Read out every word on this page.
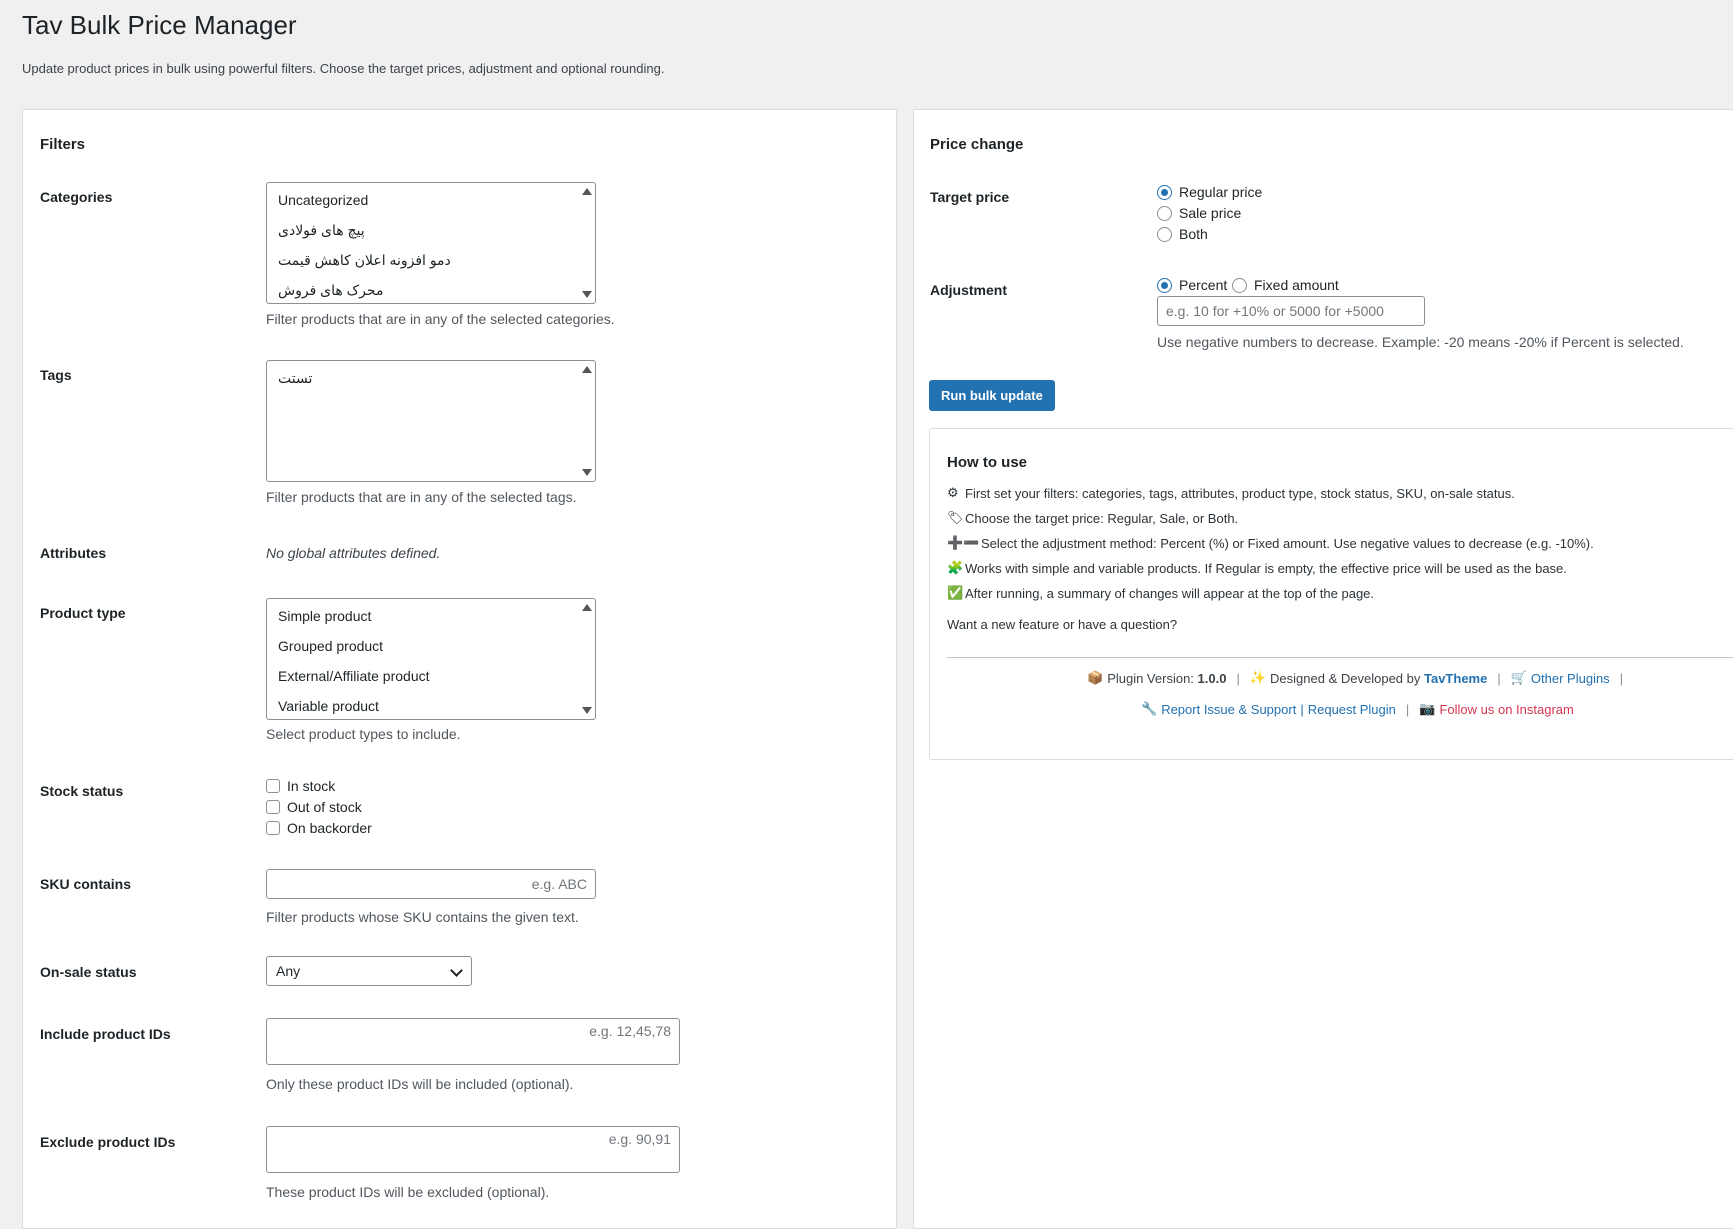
Tav Bulk Price Manager

Update product prices in bulk using powerful filters. Choose the target prices, adjustment and optional rounding.

Filters
Categories	Uncategorized
پیچ های فولادی
دمو افزونه اعلان کاهش قیمت
محرک های فروش
Filter products that are in any of the selected categories.
Tags	تستت
Filter products that are in any of the selected tags.
Attributes	No global attributes defined.
Product type	Simple product
Grouped product
External/Affiliate product
Variable product
Select product types to include.
Stock status	In stock
Out of stock
On backorder
SKU contains
e.g. ABC
Filter products whose SKU contains the given text.
On-sale status	Any
Include product IDs
e.g. 12,45,78
Only these product IDs will be included (optional).
Exclude product IDs
e.g. 90,91
These product IDs will be excluded (optional).
Price change
Target price	Regular price
Sale price
Both
Adjustment	Percent Fixed amount
e.g. 10 for +10% or 5000 for +5000
Use negative numbers to decrease. Example: -20 means -20% if Percent is selected.
Run bulk update
How to use
⚙ First set your filters: categories, tags, attributes, product type, stock status, SKU, on-sale status.
🏷 Choose the target price: Regular, Sale, or Both.
➕➖ Select the adjustment method: Percent (%) or Fixed amount. Use negative values to decrease (e.g. -10%).
🧩 Works with simple and variable products. If Regular is empty, the effective price will be used as the base.
✅ After running, a summary of changes will appear at the top of the page.
Want a new feature or have a question?
📦 Plugin Version:
1.0.0 | ✨ Designed & Developed by
TavTheme | 🛒 Other Plugins |
🔧 Report Issue & Support | Request Plugin | 📷 Follow us on Instagram
